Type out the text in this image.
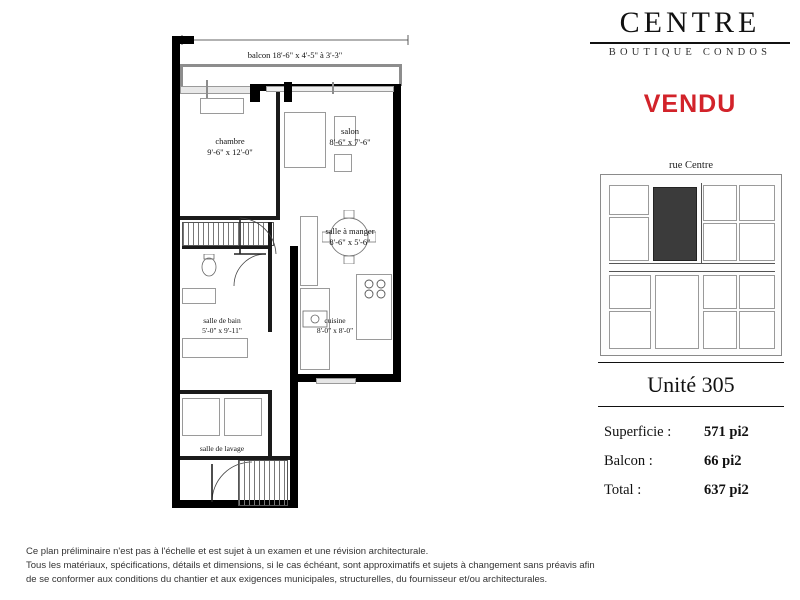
balcon 18'-6" x 4'-5" à 3'-3"
chambre
9'-6" x 12'-0"
salon
8'-6" x 7'-6"
salle à manger
8'-6" x 5'-6"
cuisine
8'-0" x 8'-0"
salle de bain
5'-0" x 9'-11"
salle de lavage
CENTRE
BOUTIQUE CONDOS
VENDU
rue Centre
Unité 305
Superficie : 571 pi2
Balcon :	66 pi2
Total :	637 pi2
Ce plan préliminaire n'est pas à l'échelle et est sujet à un examen et une révision architecturale.
Tous les matériaux, spécifications, détails et dimensions, si le cas échéant, sont approximatifs et sujets à changement sans préavis afin
de se conformer aux conditions du chantier et aux exigences municipales, structurelles, du fournisseur et/ou architecturales.
